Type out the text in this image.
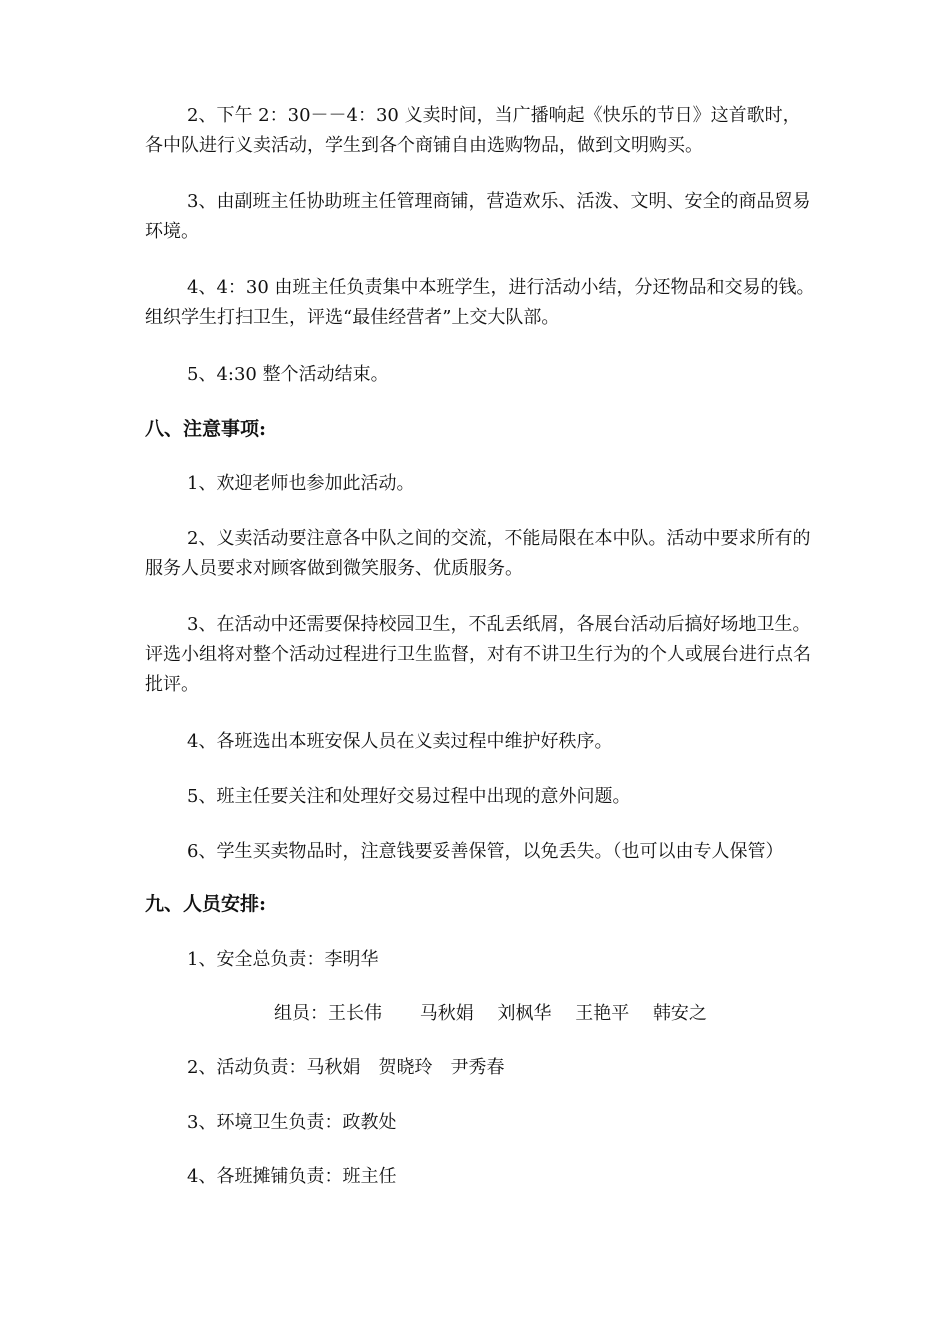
2、下午 2：30－－4：30 义卖时间，当广播响起《快乐的节日》这首歌时，各中队进行义卖活动，学生到各个商铺自由选购物品，做到文明购买。

3、由副班主任协助班主任管理商铺，营造欢乐、活泼、文明、安全的商品贸易环境。

4、4：30 由班主任负责集中本班学生，进行活动小结，分还物品和交易的钱。组织学生打扫卫生，评选“最佳经营者”上交大队部。

5、4:30 整个活动结束。

八、注意事项:

1、欢迎老师也参加此活动。

2、义卖活动要注意各中队之间的交流，不能局限在本中队。活动中要求所有的服务人员要求对顾客做到微笑服务、优质服务。

3、在活动中还需要保持校园卫生，不乱丢纸屑，各展台活动后搞好场地卫生。评选小组将对整个活动过程进行卫生监督，对有不讲卫生行为的个人或展台进行点名批评。

4、各班选出本班安保人员在义卖过程中维护好秩序。

5、班主任要关注和处理好交易过程中出现的意外问题。

6、学生买卖物品时，注意钱要妥善保管，以免丢失。（也可以由专人保管）

九、人员安排:

1、安全总负责：李明华

组员：王长伟 马秋娟 刘枫华 王艳平 韩安之

2、活动负责：马秋娟　贺晓玲　尹秀春

3、环境卫生负责：政教处

4、各班摊铺负责：班主任
